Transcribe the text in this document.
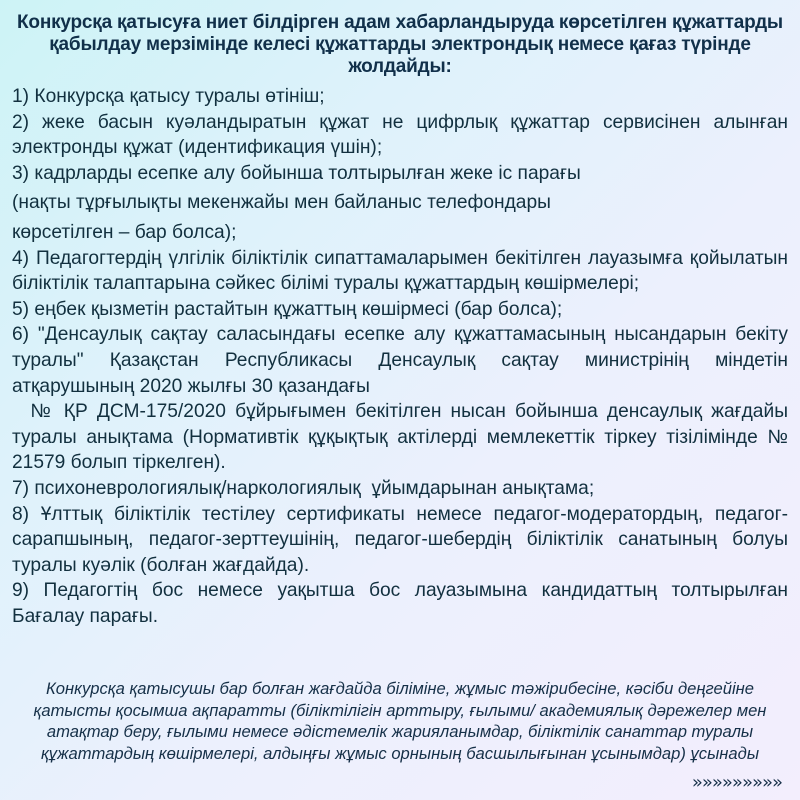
Конкурсқа қатысуға ниет білдірген адам хабарландыруда көрсетілген құжаттарды қабылдау мерзімінде келесі құжаттарды электрондық немесе қағаз түрінде жолдайды:
1) Конкурсқа қатысу туралы өтініш;
2) жеке басын куәландыратын құжат не цифрлық құжаттар сервисінен алынған электронды құжат (идентификация үшін);
3) кадрларды есепке алу бойынша толтырылған жеке іс парағы
(нақты тұрғылықты мекенжайы мен байланыс телефондары
көрсетілген – бар болса);
4) Педагогтердің үлгілік біліктілік сипаттамаларымен бекітілген лауазымға қойылатын біліктілік талаптарына сәйкес білімі туралы құжаттардың көшірмелері;
5) еңбек қызметін растайтын құжаттың көшірмесі (бар болса);
6) "Денсаулық сақтау саласындағы есепке алу құжаттамасының нысандарын бекіту туралы" Қазақстан Республикасы Денсаулық сақтау министрінің міндетін атқарушының 2020 жылғы 30 қазандағы
№ ҚР ДСМ-175/2020 бұйрығымен бекітілген нысан бойынша денсаулық жағдайы туралы анықтама (Нормативтік құқықтық актілерді мемлекеттік тіркеу тізілімінде № 21579 болып тіркелген).
7) психоневрологиялық/наркологиялық  ұйымдарынан анықтама;
8) Ұлттық біліктілік тестілеу сертификаты немесе педагог-модератордың, педагог-сарапшының, педагог-зерттеушінің, педагог-шебердің біліктілік санатының болуы туралы куәлік (болған жағдайда).
9) Педагогтің бос немесе уақытша бос лауазымына кандидаттың толтырылған Бағалау парағы.
Конкурсқа қатысушы бар болған жағдайда біліміне, жұмыс тәжірибесіне, кәсіби деңгейіне қатысты қосымша ақпаратты (біліктілігін арттыру, ғылыми/ академиялық дәрежелер мен атақтар беру, ғылыми немесе әдістемелік жарияланымдар, біліктілік санаттар туралы құжаттардың көшірмелері, алдыңғы жұмыс орнының басшылығынан ұсынымдар) ұсынады
»»»»»»»»»
